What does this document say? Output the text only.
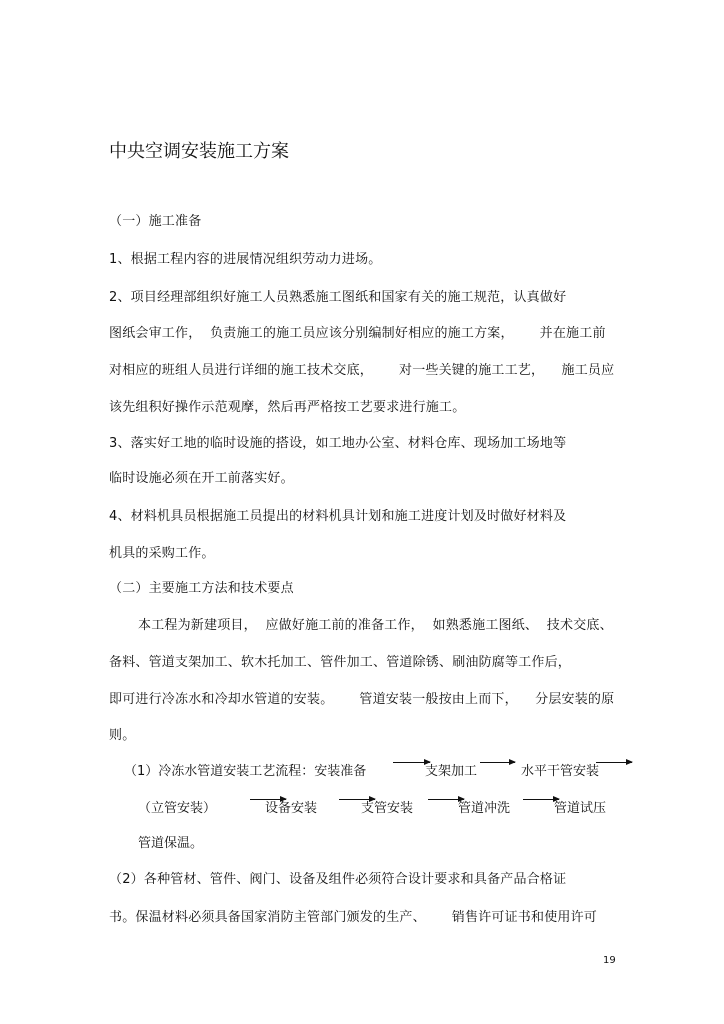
中央空调安装施工方案
（一）施工准备
1、根据工程内容的进展情况组织劳动力进场。
2、项目经理部组织好施工人员熟悉施工图纸和国家有关的施工规范，认真做好
图纸会审工作，  负责施工的施工员应该分别编制好相应的施工方案，      并在施工前
对相应的班组人员进行详细的施工技术交底，      对一些关键的施工工艺，    施工员应
该先组积好操作示范观摩，然后再严格按工艺要求进行施工。
3、落实好工地的临时设施的搭设，如工地办公室、材料仓库、现场加工场地等
临时设施必须在开工前落实好。
4、材料机具员根据施工员提出的材料机具计划和施工进度计划及时做好材料及
机具的采购工作。
（二）主要施工方法和技术要点
本工程为新建项目，  应做好施工前的准备工作，  如熟悉施工图纸、  技术交底、
备料、管道支架加工、软木托加工、管件加工、管道除锈、刷油防腐等工作后，
即可进行冷冻水和冷却水管道的安装。      管道安装一般按由上而下，    分层安装的原
则。
（1）冷冻水管道安装工艺流程：安装准备	支架加工	水平干管安装
（立管安装）	设备安装	支管安装	管道冲洗	管道试压
管道保温。
（2）各种管材、管件、阀门、设备及组件必须符合设计要求和具备产品合格证
书。保温材料必须具备国家消防主管部门颁发的生产、      销售许可证书和使用许可
19
